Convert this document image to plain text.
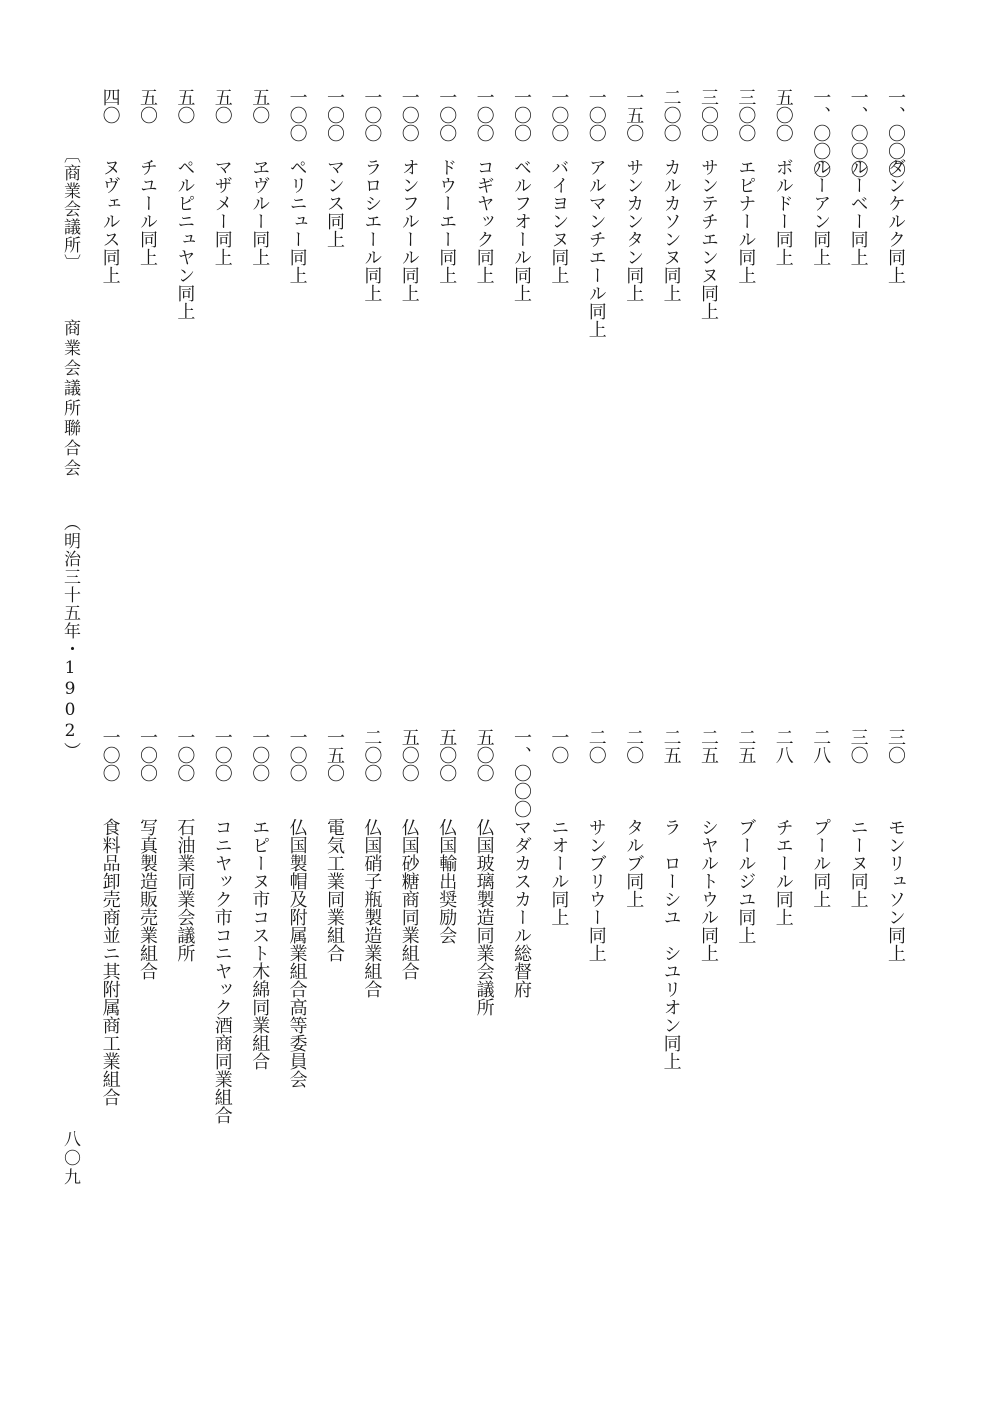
〔商業会議所〕 商業会議所聯合会 （明治三十五年・1902）
八〇九
一、〇〇〇
ダンケルク同上
一、〇〇〇
ルーベー同上
一、〇〇〇
ルーアン同上
五〇〇
ボルドー同上
三〇〇
エピナール同上
三〇〇
サンテチエンヌ同上
二〇〇
カルカソンヌ同上
一五〇
サンカンタン同上
一〇〇
アルマンチエール同上
一〇〇
バイヨンヌ同上
一〇〇
ベルフオール同上
一〇〇
コギヤック同上
一〇〇
ドウーエー同上
一〇〇
オンフルール同上
一〇〇
ラロシエール同上
一〇〇
マンス同上
一〇〇
ペリニュー同上
五〇
ヱヴルー同上
五〇
マザメー同上
五〇
ペルピニュヤン同上
五〇
チユール同上
四〇
ヌヴェルス同上
三〇
モンリュソン同上
三〇
ニーヌ同上
二八
プール同上
二八
チエール同上
二五
ブールジユ同上
二五
シヤルトウル同上
二五
ラ　ローシユ　シユリオン同上
二〇
タルブ同上
二〇
サンブリウー同上
一〇
ニオール同上
一、〇〇〇
マダカスカール総督府
五〇〇
仏国玻璃製造同業会議所
五〇〇
仏国輸出奨励会
五〇〇
仏国砂糖商同業組合
二〇〇
仏国硝子瓶製造業組合
一五〇
電気工業同業組合
一〇〇
仏国製帽及附属業組合高等委員会
一〇〇
エピーヌ市コスト木綿同業組合
一〇〇
コニヤック市コニヤック酒商同業組合
一〇〇
石油業同業会議所
一〇〇
写真製造販売業組合
一〇〇
食料品卸売商並ニ其附属商工業組合
